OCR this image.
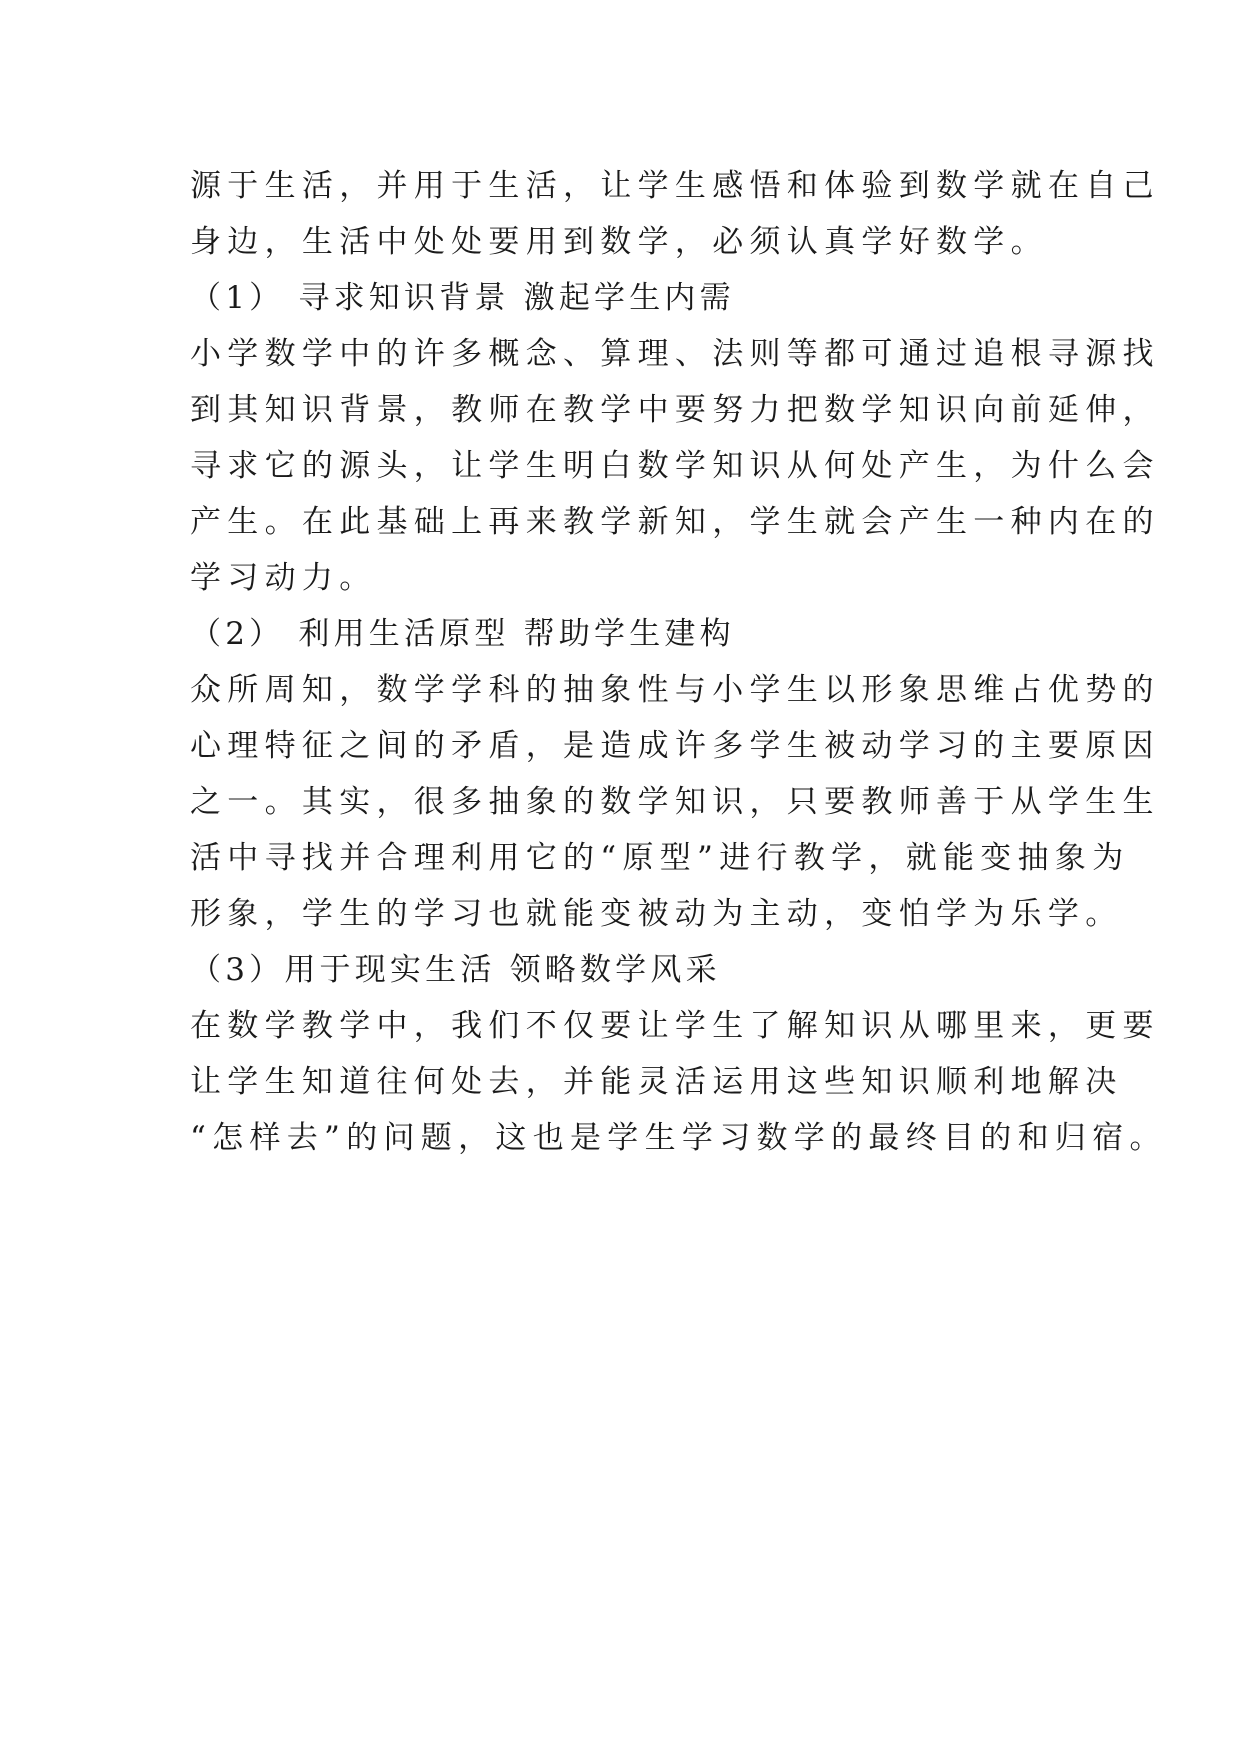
源于生活，并用于生活，让学生感悟和体验到数学就在自己
身边，生活中处处要用到数学，必须认真学好数学。
（1） 寻求知识背景 激起学生内需
小学数学中的许多概念、算理、法则等都可通过追根寻源找
到其知识背景，教师在教学中要努力把数学知识向前延伸，
寻求它的源头，让学生明白数学知识从何处产生，为什么会
产生。在此基础上再来教学新知，学生就会产生一种内在的
学习动力。
（2） 利用生活原型 帮助学生建构
众所周知，数学学科的抽象性与小学生以形象思维占优势的
心理特征之间的矛盾，是造成许多学生被动学习的主要原因
之一。其实，很多抽象的数学知识，只要教师善于从学生生
活中寻找并合理利用它的“原型”进行教学，就能变抽象为
形象，学生的学习也就能变被动为主动，变怕学为乐学。
（3）用于现实生活 领略数学风采
在数学教学中，我们不仅要让学生了解知识从哪里来，更要
让学生知道往何处去，并能灵活运用这些知识顺利地解决
“怎样去”的问题，这也是学生学习数学的最终目的和归宿。
